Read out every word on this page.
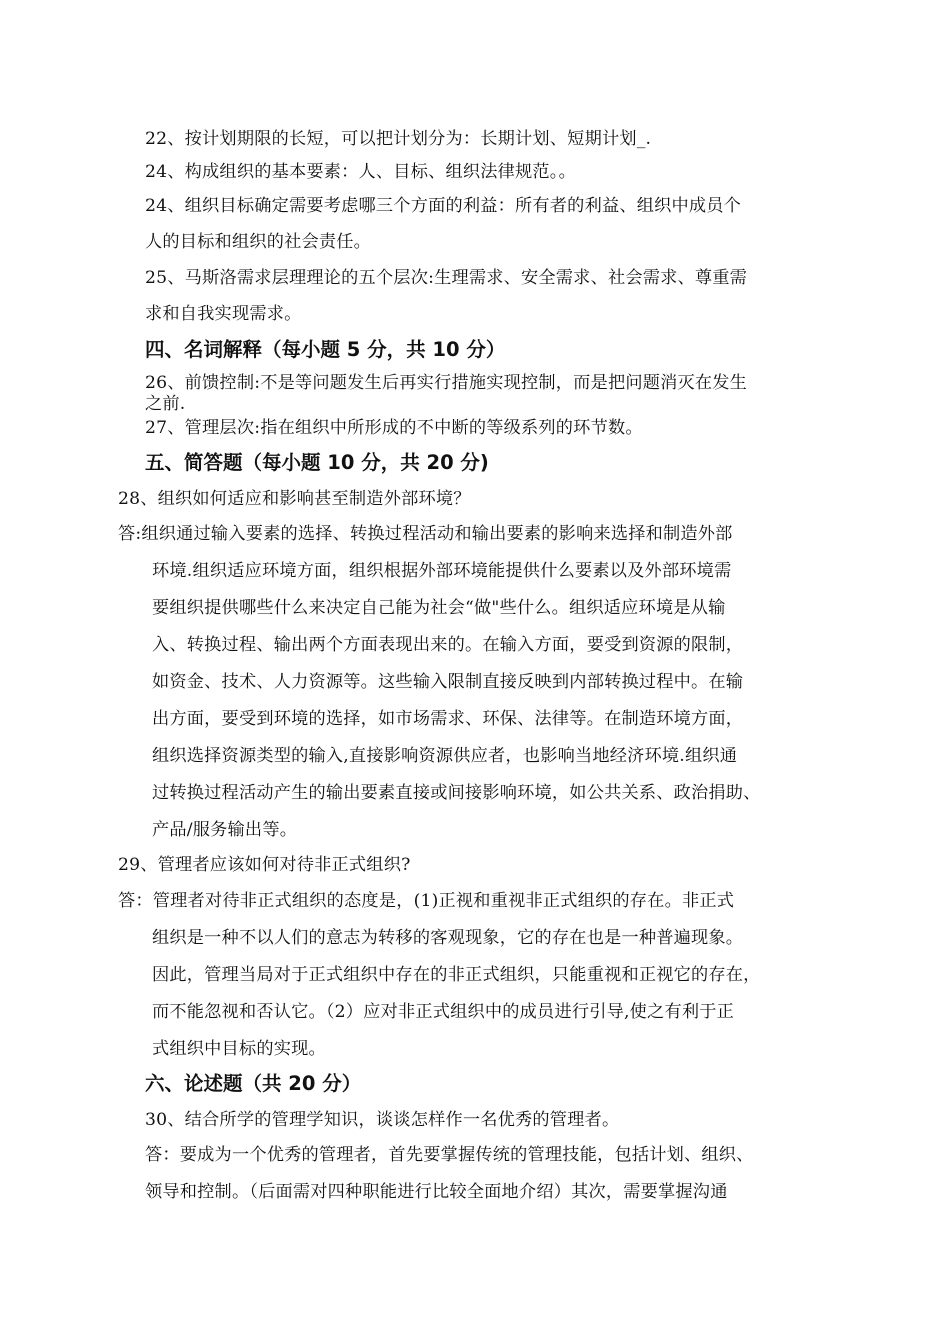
22、按计划期限的长短，可以把计划分为：长期计划、短期计划_.

24、构成组织的基本要素：人、目标、组织法律规范。。

24、组织目标确定需要考虑哪三个方面的利益：所有者的利益、组织中成员个

人的目标和组织的社会责任。

25、马斯洛需求层理理论的五个层次:生理需求、安全需求、社会需求、尊重需

求和自我实现需求。

四、名词解释（每小题 5 分，共 10 分）

26、前馈控制:不是等问题发生后再实行措施实现控制，而是把问题消灭在发生

之前.

27、管理层次:指在组织中所形成的不中断的等级系列的环节数。

五、简答题（每小题 10 分，共 20 分)

28、组织如何适应和影响甚至制造外部环境？

答:组织通过输入要素的选择、转换过程活动和输出要素的影响来选择和制造外部

环境.组织适应环境方面，组织根据外部环境能提供什么要素以及外部环境需

要组织提供哪些什么来决定自己能为社会“做"些什么。组织适应环境是从输

入、转换过程、输出两个方面表现出来的。在输入方面，要受到资源的限制，

如资金、技术、人力资源等。这些输入限制直接反映到内部转换过程中。在输

出方面，要受到环境的选择，如市场需求、环保、法律等。在制造环境方面，

组织选择资源类型的输入,直接影响资源供应者，也影响当地经济环境.组织通

过转换过程活动产生的输出要素直接或间接影响环境，如公共关系、政治捐助、

产品/服务输出等。

29、管理者应该如何对待非正式组织?

答：管理者对待非正式组织的态度是，(1)正视和重视非正式组织的存在。非正式

组织是一种不以人们的意志为转移的客观现象，它的存在也是一种普遍现象。

因此，管理当局对于正式组织中存在的非正式组织，只能重视和正视它的存在，

而不能忽视和否认它。（2）应对非正式组织中的成员进行引导,使之有利于正

式组织中目标的实现。

六、论述题（共 20 分）

30、结合所学的管理学知识，谈谈怎样作一名优秀的管理者。

答：要成为一个优秀的管理者，首先要掌握传统的管理技能，包括计划、组织、

领导和控制。（后面需对四种职能进行比较全面地介绍）其次，需要掌握沟通
